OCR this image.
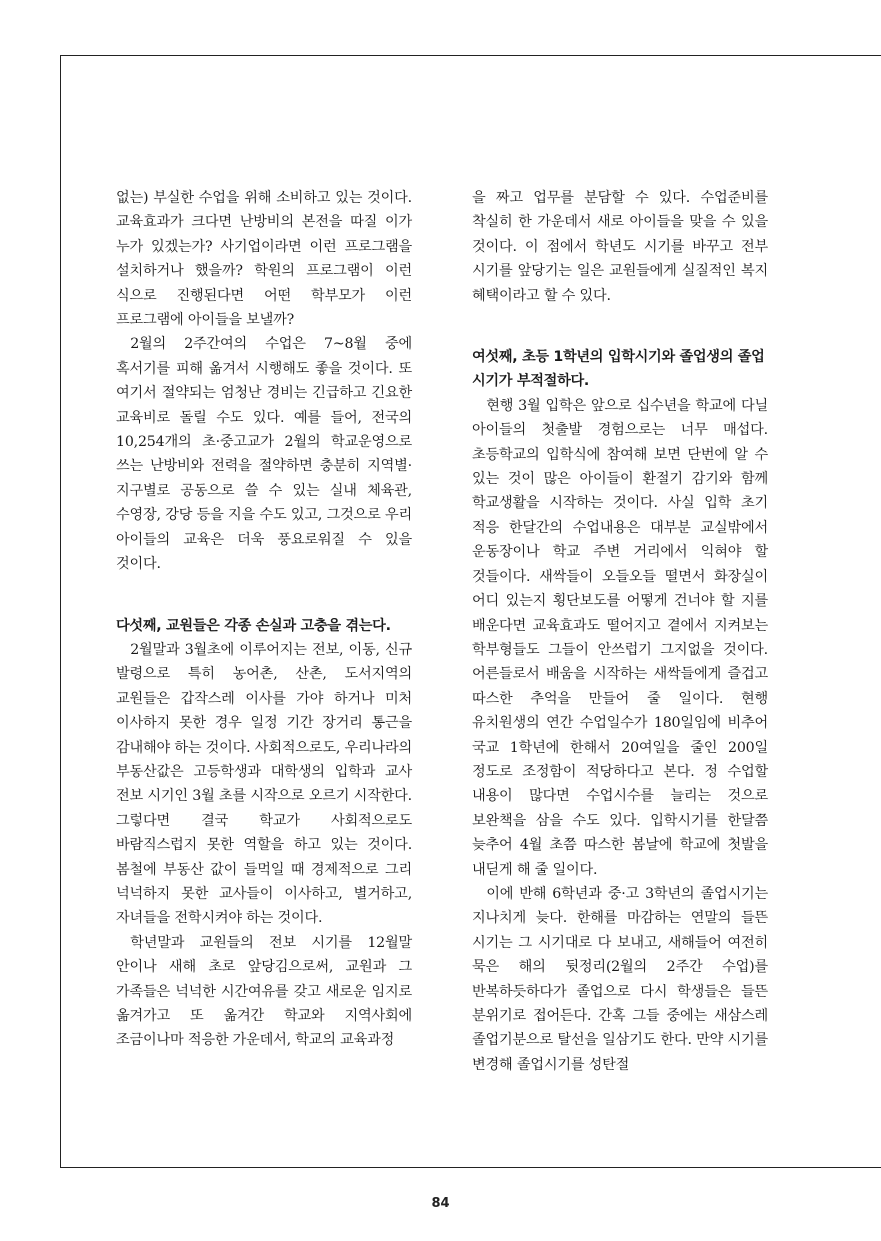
없는) 부실한 수업을 위해 소비하고 있는 것이다. 교육효과가 크다면 난방비의 본전을 따질 이가 누가 있겠는가? 사기업이라면 이런 프로그램을 설치하거나 했을까? 학원의 프로그램이 이런 식으로 진행된다면 어떤 학부모가 이런 프로그램에 아이들을 보낼까?

2월의 2주간여의 수업은 7~8월 중에 혹서기를 피해 옮겨서 시행해도 좋을 것이다. 또 여기서 절약되는 엄청난 경비는 긴급하고 긴요한 교육비로 돌릴 수도 있다. 예를 들어, 전국의 10,254개의 초·중고교가 2월의 학교운영으로 쓰는 난방비와 전력을 절약하면 충분히 지역별·지구별로 공동으로 쓸 수 있는 실내 체육관, 수영장, 강당 등을 지을 수도 있고, 그것으로 우리 아이들의 교육은 더욱 풍요로워질 수 있을 것이다.

다섯째, 교원들은 각종 손실과 고충을 겪는다.

2월말과 3월초에 이루어지는 전보, 이동, 신규 발령으로 특히 농어촌, 산촌, 도서지역의 교원들은 갑작스레 이사를 가야 하거나 미처 이사하지 못한 경우 일정 기간 장거리 통근을 감내해야 하는 것이다. 사회적으로도, 우리나라의 부동산값은 고등학생과 대학생의 입학과 교사 전보 시기인 3월 초를 시작으로 오르기 시작한다. 그렇다면 결국 학교가 사회적으로도 바람직스럽지 못한 역할을 하고 있는 것이다. 봄철에 부동산 값이 들먹일 때 경제적으로 그리 넉넉하지 못한 교사들이 이사하고, 별거하고, 자녀들을 전학시켜야 하는 것이다.

학년말과 교원들의 전보 시기를 12월말 안이나 새해 초로 앞당김으로써, 교원과 그 가족들은 넉넉한 시간여유를 갖고 새로운 임지로 옮겨가고 또 옮겨간 학교와 지역사회에 조금이나마 적응한 가운데서, 학교의 교육과정

을 짜고 업무를 분담할 수 있다. 수업준비를 착실히 한 가운데서 새로 아이들을 맞을 수 있을 것이다. 이 점에서 학년도 시기를 바꾸고 전부 시기를 앞당기는 일은 교원들에게 실질적인 복지 혜택이라고 할 수 있다.

여섯째, 초등 1학년의 입학시기와 졸업생의 졸업시기가 부적절하다.

현행 3월 입학은 앞으로 십수년을 학교에 다닐 아이들의 첫출발 경험으로는 너무 매섭다. 초등학교의 입학식에 참여해 보면 단번에 알 수 있는 것이 많은 아이들이 환절기 감기와 함께 학교생활을 시작하는 것이다. 사실 입학 초기 적응 한달간의 수업내용은 대부분 교실밖에서 운동장이나 학교 주변 거리에서 익혀야 할 것들이다. 새싹들이 오들오들 떨면서 화장실이 어디 있는지 횡단보도를 어떻게 건너야 할 지를 배운다면 교육효과도 떨어지고 곁에서 지켜보는 학부형들도 그들이 안쓰럽기 그지없을 것이다. 어른들로서 배움을 시작하는 새싹들에게 즐겁고 따스한 추억을 만들어 줄 일이다. 현행 유치원생의 연간 수업일수가 180일임에 비추어 국교 1학년에 한해서 20여일을 줄인 200일 정도로 조정함이 적당하다고 본다. 정 수업할 내용이 많다면 수업시수를 늘리는 것으로 보완책을 삼을 수도 있다. 입학시기를 한달쯤 늦추어 4월 초쯤 따스한 봄날에 학교에 첫발을 내딛게 해 줄 일이다.

이에 반해 6학년과 중·고 3학년의 졸업시기는 지나치게 늦다. 한해를 마감하는 연말의 들뜬 시기는 그 시기대로 다 보내고, 새해들어 여전히 묵은 해의 뒷정리(2월의 2주간 수업)를 반복하듯하다가 졸업으로 다시 학생들은 들뜬 분위기로 접어든다. 간혹 그들 중에는 새삼스레 졸업기분으로 탈선을 일삼기도 한다. 만약 시기를 변경해 졸업시기를 성탄절

84
